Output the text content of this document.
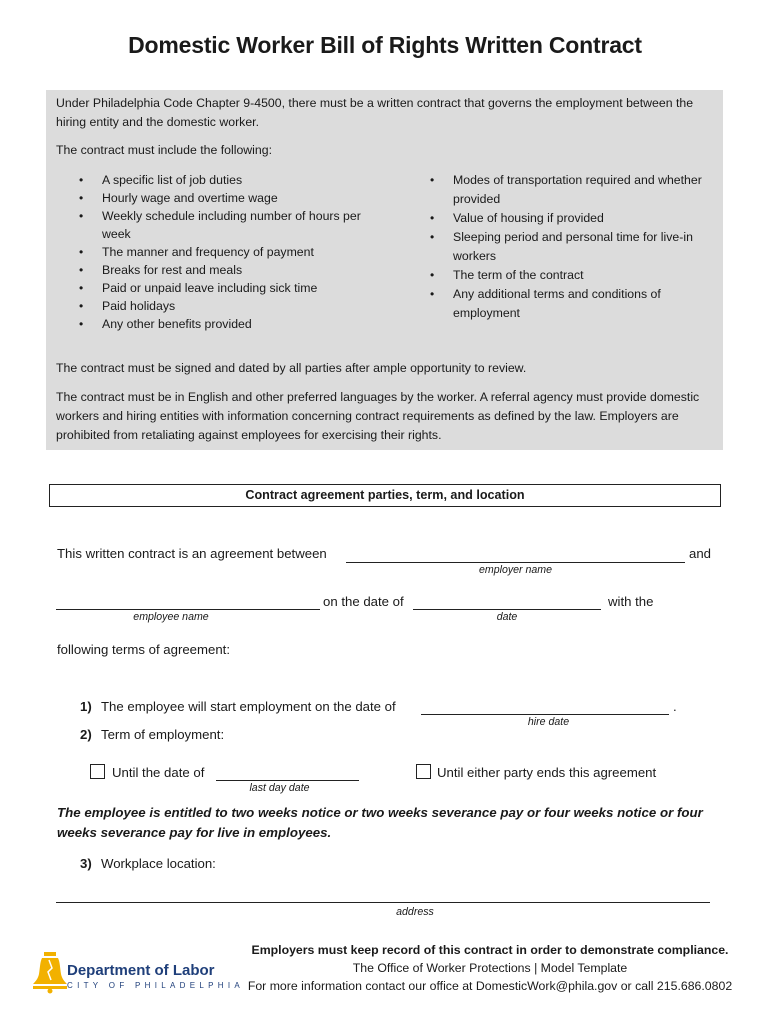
Domestic Worker Bill of Rights Written Contract
Under Philadelphia Code Chapter 9-4500, there must be a written contract that governs the employment between the hiring entity and the domestic worker.
The contract must include the following:
• A specific list of job duties
• Hourly wage and overtime wage
• Weekly schedule including number of hours per week
• The manner and frequency of payment
• Breaks for rest and meals
• Paid or unpaid leave including sick time
• Paid holidays
• Any other benefits provided
• Modes of transportation required and whether provided
• Value of housing if provided
• Sleeping period and personal time for live-in workers
• The term of the contract
• Any additional terms and conditions of employment
The contract must be signed and dated by all parties after ample opportunity to review.
The contract must be in English and other preferred languages by the worker. A referral agency must provide domestic workers and hiring entities with information concerning contract requirements as defined by the law. Employers are prohibited from retaliating against employees for exercising their rights.
Contract agreement parties, term, and location
This written contract is an agreement between	and
employer name
on the date of	with the
employee name	date
following terms of agreement:
1) The employee will start employment on the date of	.
hire date
2) Term of employment:
Until the date of
last day date
Until either party ends this agreement
The employee is entitled to two weeks notice or two weeks severance pay or four weeks notice or four weeks severance pay for live in employees.
3) Workplace location:
address
Department of Labor
CITY OF PHILADELPHIA
Employers must keep record of this contract in order to demonstrate compliance.
The Office of Worker Protections | Model Template
For more information contact our office at DomesticWork@phila.gov or call 215.686.0802
